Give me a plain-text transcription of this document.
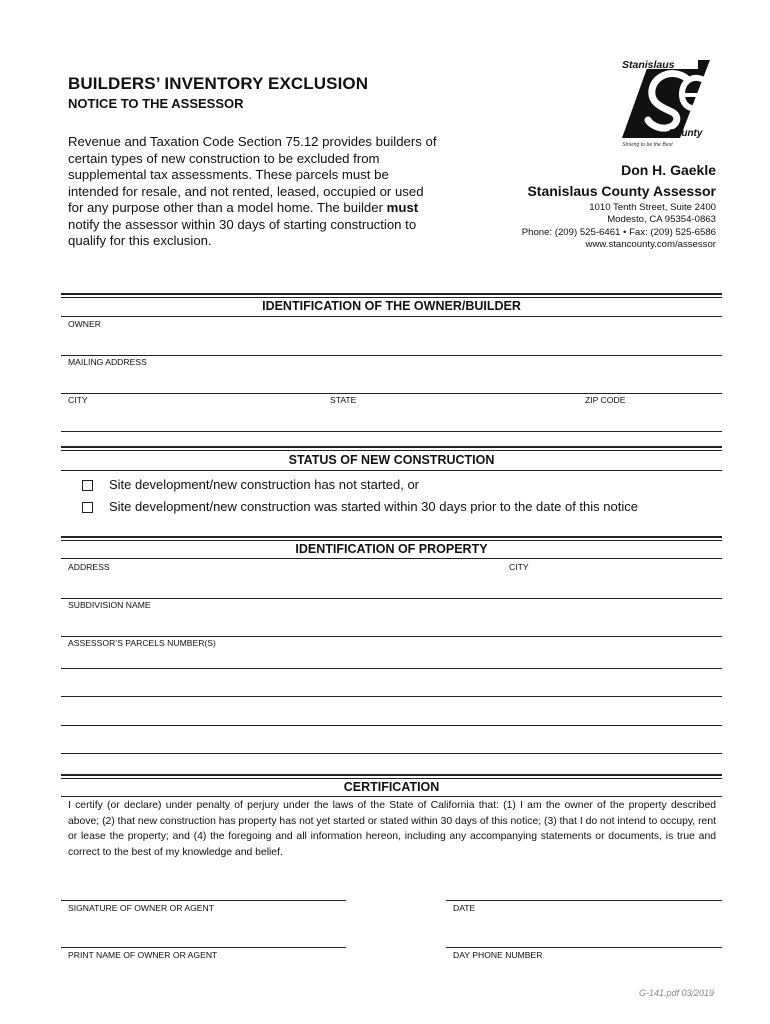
BUILDERS’ INVENTORY EXCLUSION
NOTICE TO THE ASSESSOR
Revenue and Taxation Code Section 75.12 provides builders of certain types of new construction to be excluded from supplemental tax assessments. These parcels must be intended for resale, and not rented, leased, occupied or used for any purpose other than a model home. The builder must notify the assessor within 30 days of starting construction to qualify for this exclusion.
Stanislaus
County
Striving to be the Best
Don H. Gaekle
Stanislaus County Assessor
1010 Tenth Street, Suite 2400
Modesto, CA 95354-0863
Phone: (209) 525-6461 • Fax: (209) 525-6586
www.stancounty.com/assessor
IDENTIFICATION OF THE OWNER/BUILDER
OWNER
MAILING ADDRESS
CITY	STATE	ZIP CODE
STATUS OF NEW CONSTRUCTION
Site development/new construction has not started, or
Site development/new construction was started within 30 days prior to the date of this notice
IDENTIFICATION OF PROPERTY
ADDRESS	CITY
SUBDIVISION NAME
ASSESSOR’S PARCELS NUMBER(S)
CERTIFICATION
I certify (or declare) under penalty of perjury under the laws of the State of California that: (1) I am the owner of the property described above; (2) that new construction has property has not yet started or stated within 30 days of this notice; (3) that I do not intend to occupy, rent or lease the property; and (4) the foregoing and all information hereon, including any accompanying statements or documents, is true and correct to the best of my knowledge and belief.
SIGNATURE OF OWNER OR AGENT	DATE
PRINT NAME OF OWNER OR AGENT	DAY PHONE NUMBER
G-141.pdf 03/2019
